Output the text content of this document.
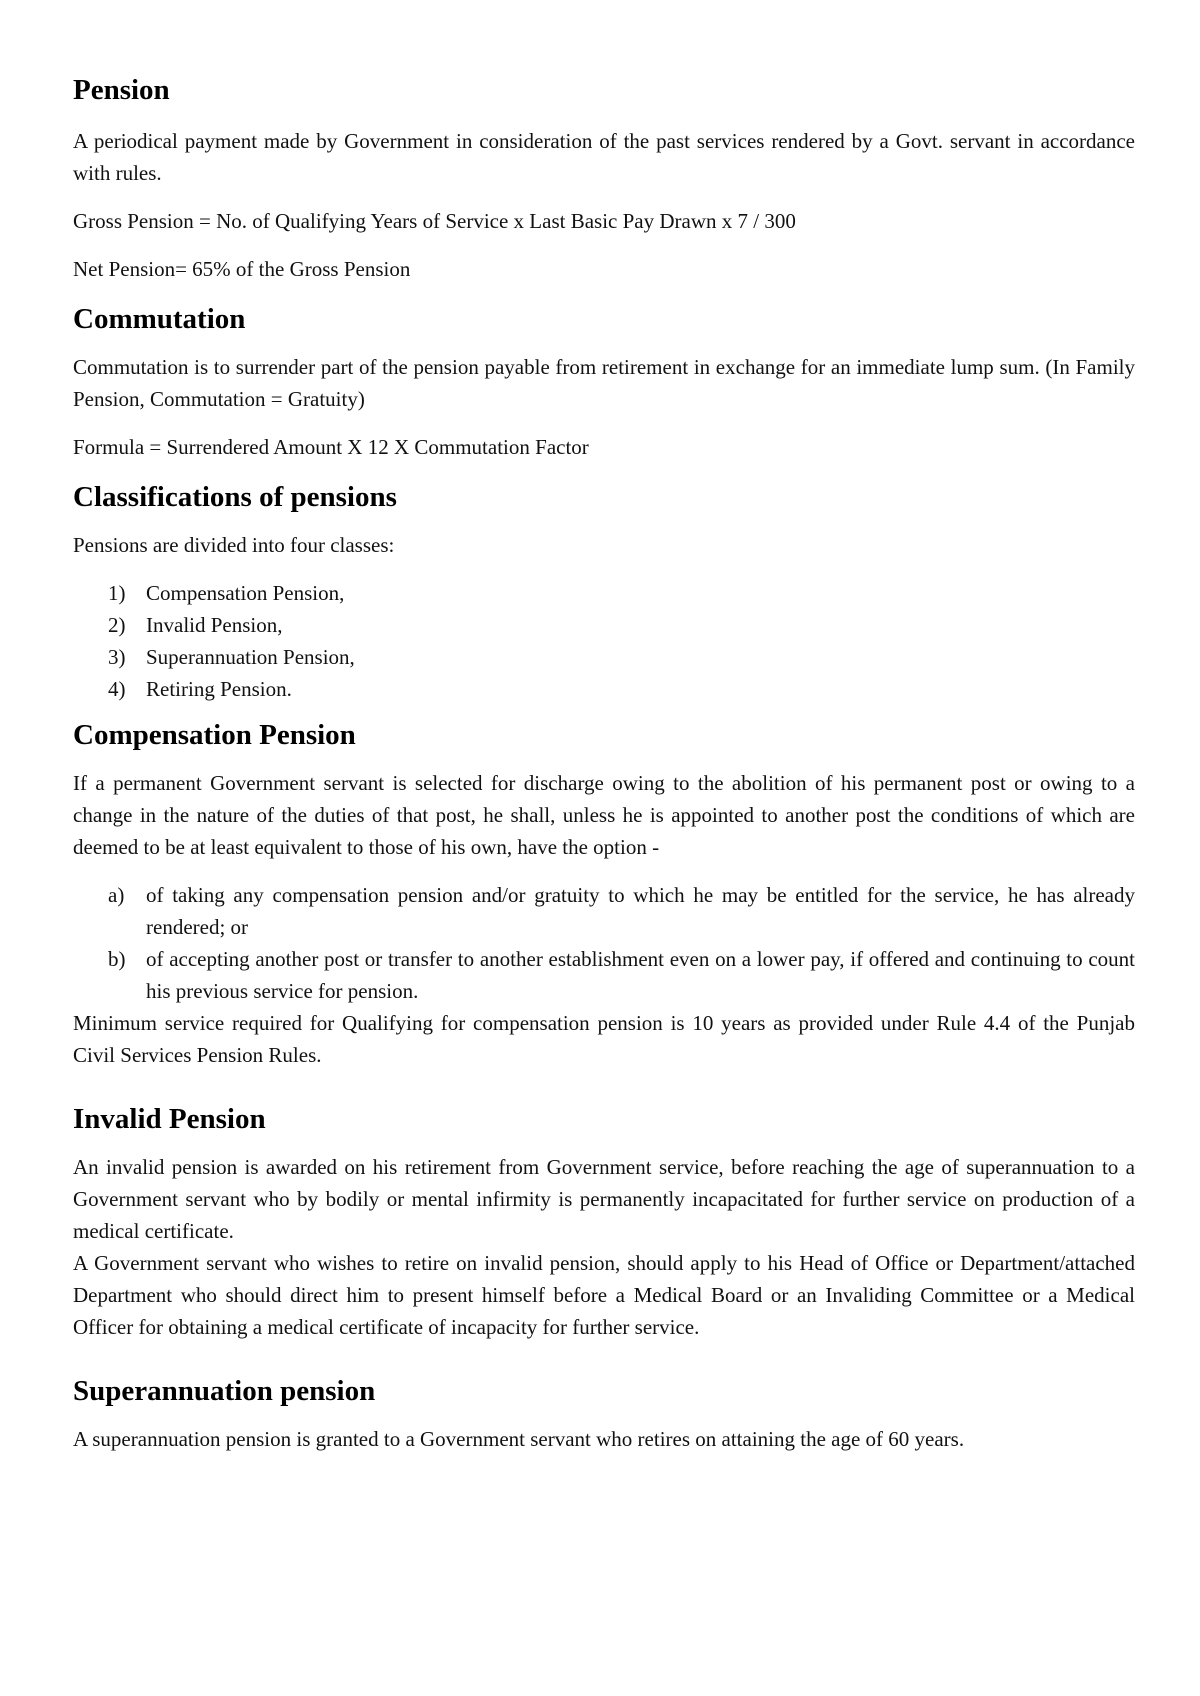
Pension

A periodical payment made by Government in consideration of the past services rendered by a Govt. servant in accordance with rules.

Gross Pension = No. of Qualifying Years of Service x Last Basic Pay Drawn x 7 / 300

Net Pension= 65% of the Gross Pension

Commutation

Commutation is to surrender part of the pension payable from retirement in exchange for an immediate lump sum. (In Family Pension, Commutation = Gratuity)

Formula = Surrendered Amount X 12 X Commutation Factor

Classifications of pensions

Pensions are divided into four classes:

1) Compensation Pension,
2) Invalid Pension,
3) Superannuation Pension,
4) Retiring Pension.
Compensation Pension

If a permanent Government servant is selected for discharge owing to the abolition of his permanent post or owing to a change in the nature of the duties of that post, he shall, unless he is appointed to another post the conditions of which are deemed to be at least equivalent to those of his own, have the option -

a) of taking any compensation pension and/or gratuity to which he may be entitled for the service, he has already rendered; or
b) of accepting another post or transfer to another establishment even on a lower pay, if offered and continuing to count his previous service for pension.

Minimum service required for Qualifying for compensation pension is 10 years as provided under Rule 4.4 of the Punjab Civil Services Pension Rules.

Invalid Pension

An invalid pension is awarded on his retirement from Government service, before reaching the age of superannuation to a Government servant who by bodily or mental infirmity is permanently incapacitated for further service on production of a medical certificate.

A Government servant who wishes to retire on invalid pension, should apply to his Head of Office or Department/attached Department who should direct him to present himself before a Medical Board or an Invaliding Committee or a Medical Officer for obtaining a medical certificate of incapacity for further service.

Superannuation pension

A superannuation pension is granted to a Government servant who retires on attaining the age of 60 years.
